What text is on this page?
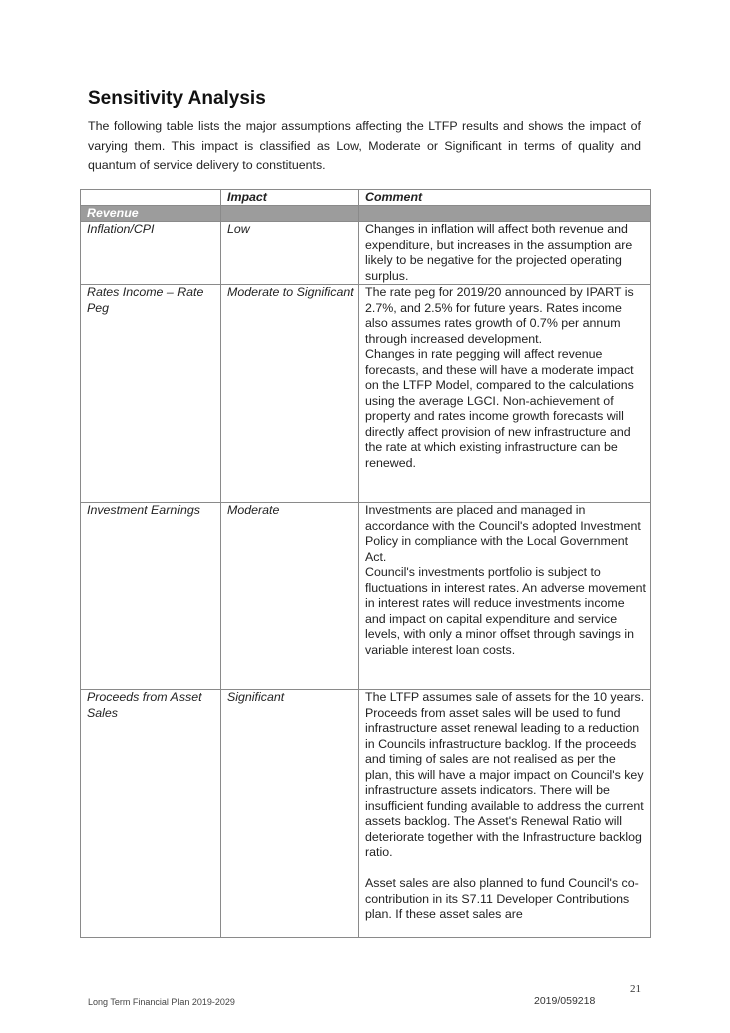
Sensitivity Analysis
The following table lists the major assumptions affecting the LTFP results and shows the impact of varying them. This impact is classified as Low, Moderate or Significant in terms of quality and quantum of service delivery to constituents.
	Impact	Comment
Revenue		
Inflation/CPI	Low	Changes in inflation will affect both revenue and expenditure, but increases in the assumption are likely to be negative for the projected operating surplus.

Rates Income – Rate Peg	Moderate to Significant	The rate peg for 2019/20 announced by IPART is 2.7%, and 2.5% for future years. Rates income also assumes rates growth of 0.7% per annum through increased development.
Changes in rate pegging will affect revenue forecasts, and these will have a moderate impact on the LTFP Model, compared to the calculations using the average LGCI. Non-achievement of property and rates income growth forecasts will directly affect provision of new infrastructure and the rate at which existing infrastructure can be renewed.

Investment Earnings	Moderate	Investments are placed and managed in accordance with the Council's adopted Investment Policy in compliance with the Local Government Act.
Council's investments portfolio is subject to fluctuations in interest rates. An adverse movement in interest rates will reduce investments income and impact on capital expenditure and service levels, with only a minor offset through savings in variable interest loan costs.

Proceeds from Asset Sales	Significant	The LTFP assumes sale of assets for the 10 years. Proceeds from asset sales will be used to fund infrastructure asset renewal leading to a reduction in Councils infrastructure backlog. If the proceeds and timing of sales are not realised as per the plan, this will have a major impact on Council's key infrastructure assets indicators. There will be insufficient funding available to address the current assets backlog. The Asset's Renewal Ratio will deteriorate together with the Infrastructure backlog ratio.
Asset sales are also planned to fund Council's co-contribution in its S7.11 Developer Contributions plan. If these asset sales are
21
Long Term Financial Plan 2019-2029	2019/059218
